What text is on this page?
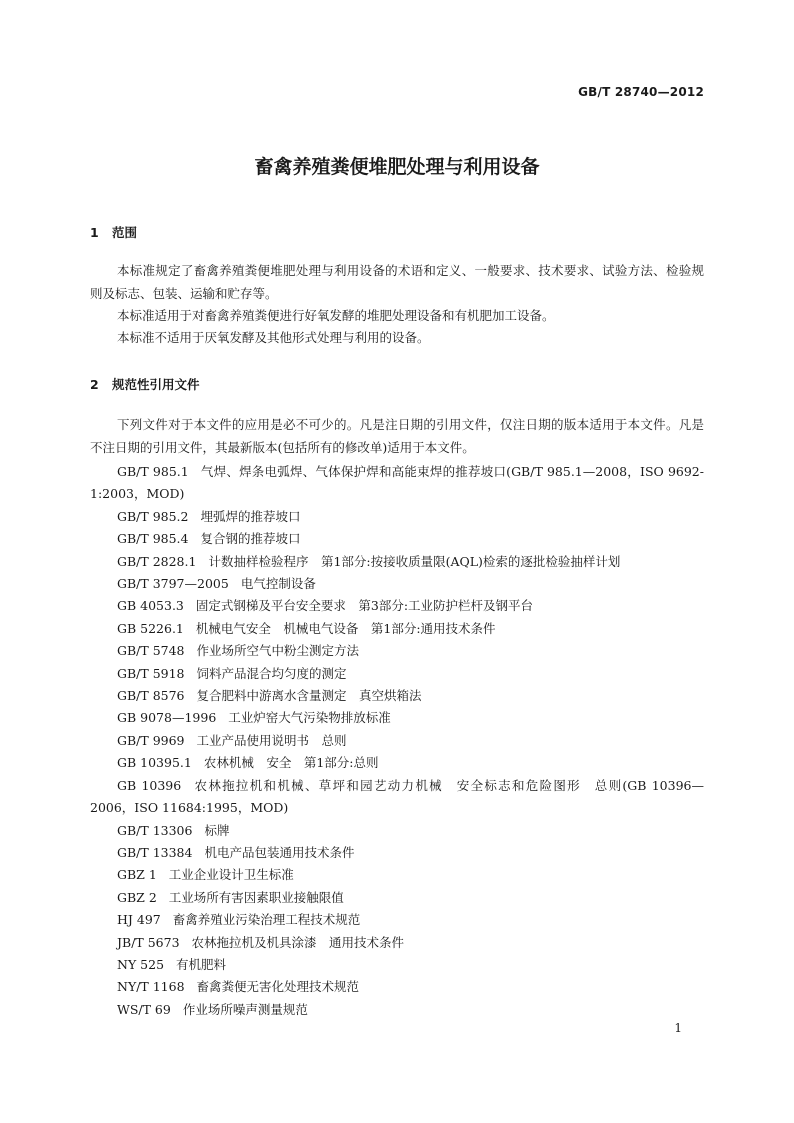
GB/T 28740—2012
畜禽养殖粪便堆肥处理与利用设备
1 范围
本标准规定了畜禽养殖粪便堆肥处理与利用设备的术语和定义、一般要求、技术要求、试验方法、检验规则及标志、包装、运输和贮存等。
本标准适用于对畜禽养殖粪便进行好氧发酵的堆肥处理设备和有机肥加工设备。
本标准不适用于厌氧发酵及其他形式处理与利用的设备。
2 规范性引用文件
下列文件对于本文件的应用是必不可少的。凡是注日期的引用文件，仅注日期的版本适用于本文件。凡是不注日期的引用文件，其最新版本(包括所有的修改单)适用于本文件。
GB/T 985.1 气焊、焊条电弧焊、气体保护焊和高能束焊的推荐坡口(GB/T 985.1—2008，ISO 9692-1:2003，MOD)
GB/T 985.2 埋弧焊的推荐坡口
GB/T 985.4 复合钢的推荐坡口
GB/T 2828.1 计数抽样检验程序　第1部分:按接收质量限(AQL)检索的逐批检验抽样计划
GB/T 3797—2005 电气控制设备
GB 4053.3 固定式钢梯及平台安全要求　第3部分:工业防护栏杆及钢平台
GB 5226.1 机械电气安全　机械电气设备　第1部分:通用技术条件
GB/T 5748 作业场所空气中粉尘测定方法
GB/T 5918 饲料产品混合均匀度的测定
GB/T 8576 复合肥料中游离水含量测定　真空烘箱法
GB 9078—1996 工业炉窑大气污染物排放标准
GB/T 9969 工业产品使用说明书　总则
GB 10395.1 农林机械　安全　第1部分:总则
GB 10396 农林拖拉机和机械、草坪和园艺动力机械　安全标志和危险图形　总则(GB 10396—2006，ISO 11684:1995，MOD)
GB/T 13306 标牌
GB/T 13384 机电产品包装通用技术条件
GBZ 1 工业企业设计卫生标准
GBZ 2 工业场所有害因素职业接触限值
HJ 497 畜禽养殖业污染治理工程技术规范
JB/T 5673 农林拖拉机及机具涂漆　通用技术条件
NY 525 有机肥料
NY/T 1168 畜禽粪便无害化处理技术规范
WS/T 69 作业场所噪声测量规范
1
